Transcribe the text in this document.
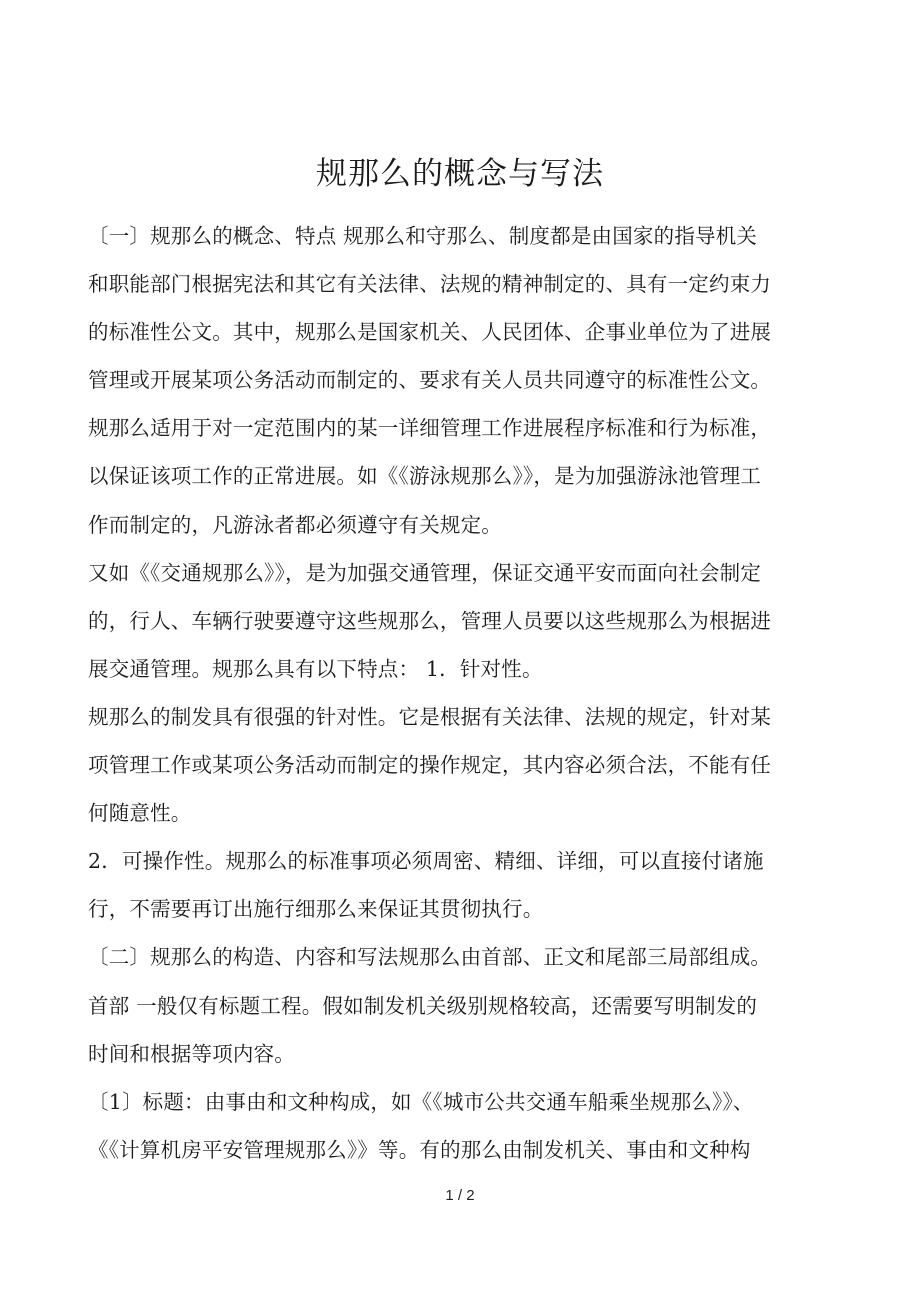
规那么的概念与写法
〔一〕规那么的概念、特点 规那么和守那么、制度都是由国家的指导机关
和职能部门根据宪法和其它有关法律、法规的精神制定的、具有一定约束力
的标准性公文。其中，规那么是国家机关、人民团体、企事业单位为了进展
管理或开展某项公务活动而制定的、要求有关人员共同遵守的标准性公文。
规那么适用于对一定范围内的某一详细管理工作进展程序标准和行为标准，
以保证该项工作的正常进展。如《《游泳规那么》》，是为加强游泳池管理工
作而制定的，凡游泳者都必须遵守有关规定。
又如《《交通规那么》》，是为加强交通管理，保证交通平安而面向社会制定
的，行人、车辆行驶要遵守这些规那么，管理人员要以这些规那么为根据进
展交通管理。规那么具有以下特点： 1．针对性。
规那么的制发具有很强的针对性。它是根据有关法律、法规的规定，针对某
项管理工作或某项公务活动而制定的操作规定，其内容必须合法，不能有任
何随意性。
2．可操作性。规那么的标准事项必须周密、精细、详细，可以直接付诸施
行，不需要再订出施行细那么来保证其贯彻执行。
〔二〕规那么的构造、内容和写法规那么由首部、正文和尾部三局部组成。
首部 一般仅有标题工程。假如制发机关级别规格较高，还需要写明制发的
时间和根据等项内容。
〔1〕标题：由事由和文种构成，如《《城市公共交通车船乘坐规那么》》、
《《计算机房平安管理规那么》》等。有的那么由制发机关、事由和文种构
1 / 2
